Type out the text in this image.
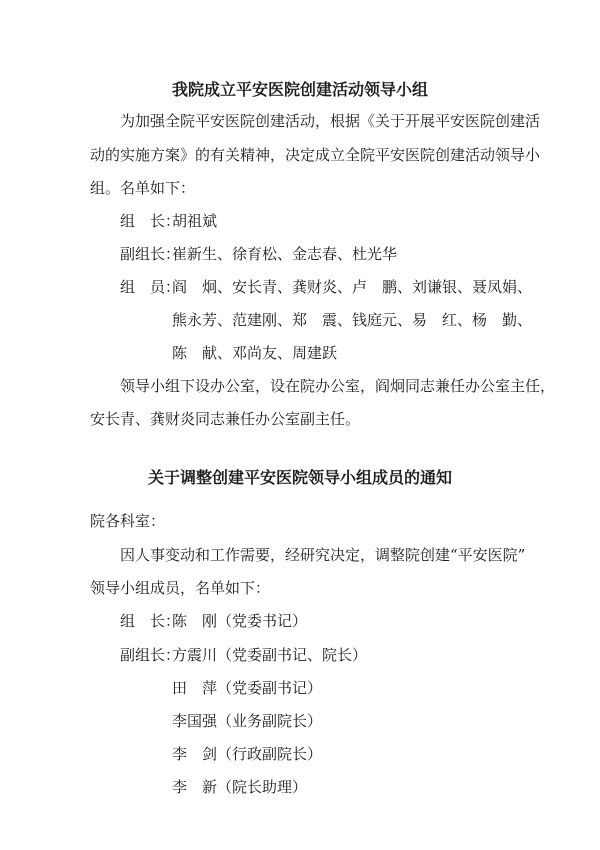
我院成立平安医院创建活动领导小组
为加强全院平安医院创建活动，根据《关于开展平安医院创建活
动的实施方案》的有关精神，决定成立全院平安医院创建活动领导小
组。名单如下：
组　长：胡祖斌
副组长：崔新生、徐育松、金志春、杜光华
组　员：阎　炯、安长青、龚财炎、卢　鹏、刘谦银、聂凤娟、
熊永芳、范建刚、郑　震、钱庭元、易　红、杨　勤、
陈　献、邓尚友、周建跃
领导小组下设办公室，设在院办公室，阎炯同志兼任办公室主任，
安长青、龚财炎同志兼任办公室副主任。
关于调整创建平安医院领导小组成员的通知
院各科室：
因人事变动和工作需要，经研究决定，调整院创建“平安医院”
领导小组成员，名单如下：
组　长：陈　刚（党委书记）
副组长：方震川（党委副书记、院长）
田　萍（党委副书记）
李国强（业务副院长）
李　剑（行政副院长）
李　新（院长助理）
